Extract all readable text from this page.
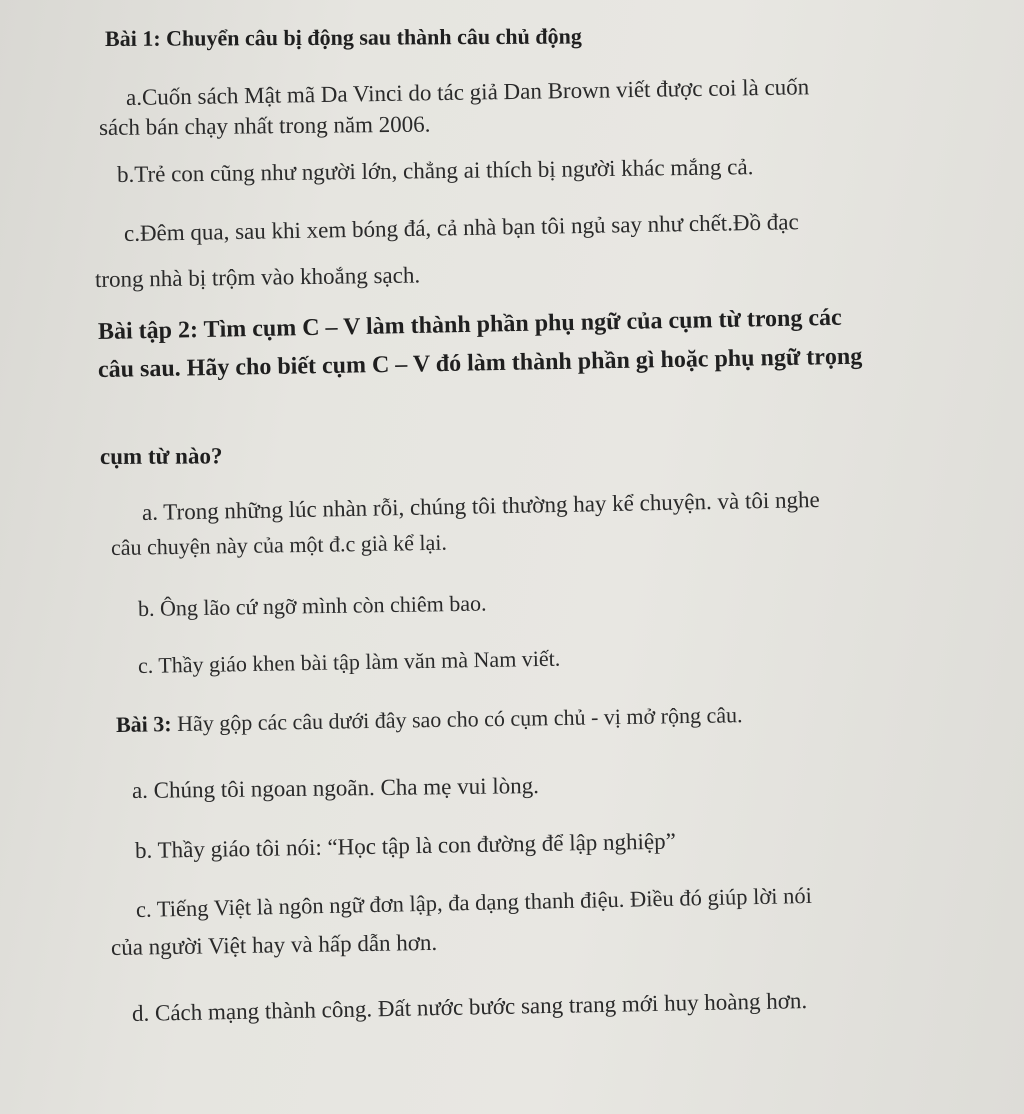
Bài 1: Chuyển câu bị động sau thành câu chủ động
a.Cuốn sách Mật mã Da Vinci do tác giả Dan Brown viết được coi là cuốn
sách bán chạy nhất trong năm 2006.
b.Trẻ con cũng như người lớn, chẳng ai thích bị người khác mắng cả.
c.Đêm qua, sau khi xem bóng đá, cả nhà bạn tôi ngủ say như chết.Đồ đạc
trong nhà bị trộm vào khoắng sạch.
Bài tập 2: Tìm cụm C – V làm thành phần phụ ngữ của cụm từ trong các
câu sau. Hãy cho biết cụm C – V đó làm thành phần gì hoặc phụ ngữ trọng
cụm từ nào?
a. Trong những lúc nhàn rỗi, chúng tôi thường hay kể chuyện. và tôi nghe
câu chuyện này của một đ.c già kể lại.
b. Ông lão cứ ngỡ mình còn chiêm bao.
c. Thầy giáo khen bài tập làm văn mà Nam viết.
Bài 3: Hãy gộp các câu dưới đây sao cho có cụm chủ - vị mở rộng câu.
a. Chúng tôi ngoan ngoãn. Cha mẹ vui lòng.
b. Thầy giáo tôi nói: “Học tập là con đường để lập nghiệp”
c. Tiếng Việt là ngôn ngữ đơn lập, đa dạng thanh điệu. Điều đó giúp lời nói
của người Việt hay và hấp dẫn hơn.
d. Cách mạng thành công. Đất nước bước sang trang mới huy hoàng hơn.
